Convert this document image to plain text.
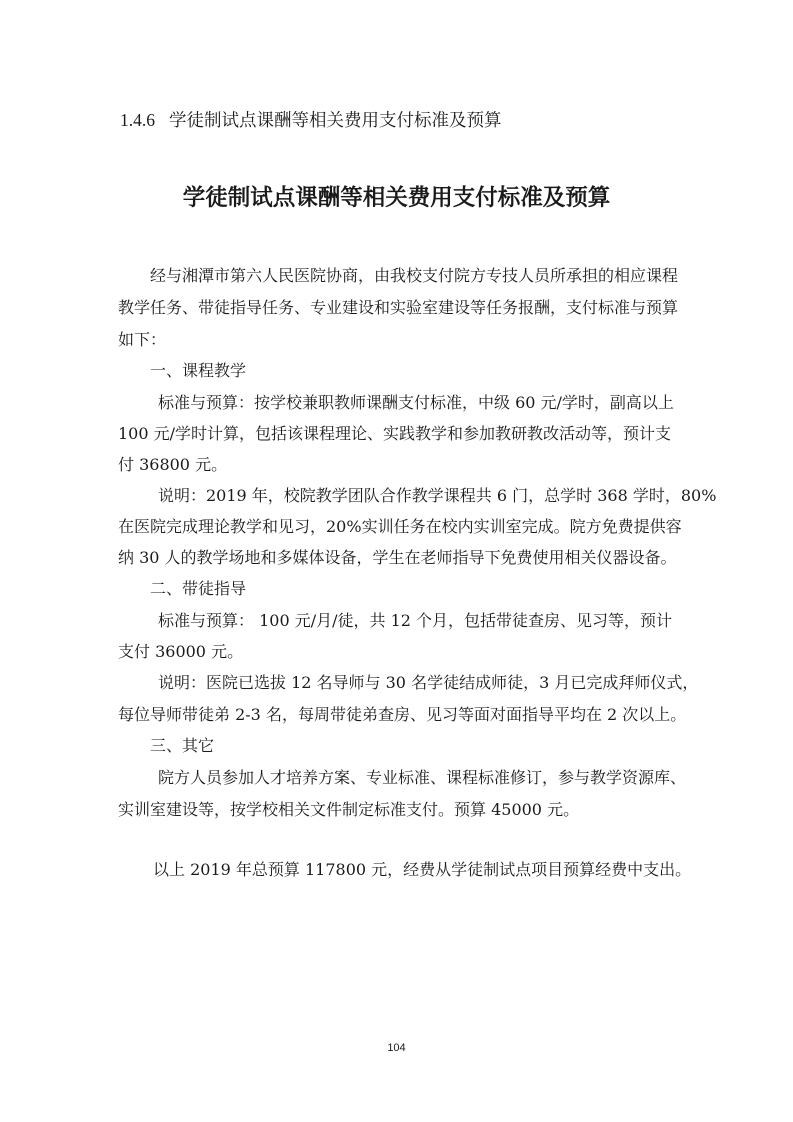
1.4.6 学徒制试点课酬等相关费用支付标准及预算
学徒制试点课酬等相关费用支付标准及预算
经与湘潭市第六人民医院协商，由我校支付院方专技人员所承担的相应课程
教学任务、带徒指导任务、专业建设和实验室建设等任务报酬，支付标准与预算
如下：
一、课程教学
标准与预算：按学校兼职教师课酬支付标准，中级 60 元/学时，副高以上
100 元/学时计算，包括该课程理论、实践教学和参加教研教改活动等，预计支
付 36800 元。
说明：2019 年，校院教学团队合作教学课程共 6 门，总学时 368 学时，80%
在医院完成理论教学和见习，20%实训任务在校内实训室完成。院方免费提供容
纳 30 人的教学场地和多媒体设备，学生在老师指导下免费使用相关仪器设备。
二、带徒指导
标准与预算： 100 元/月/徒，共 12 个月，包括带徒查房、见习等，预计
支付 36000 元。
说明：医院已选拔 12 名导师与 30 名学徒结成师徒，3 月已完成拜师仪式，
每位导师带徒弟 2-3 名，每周带徒弟查房、见习等面对面指导平均在 2 次以上。
三、其它
院方人员参加人才培养方案、专业标准、课程标准修订，参与教学资源库、
实训室建设等，按学校相关文件制定标准支付。预算 45000 元。
以上 2019 年总预算 117800 元，经费从学徒制试点项目预算经费中支出。
104
